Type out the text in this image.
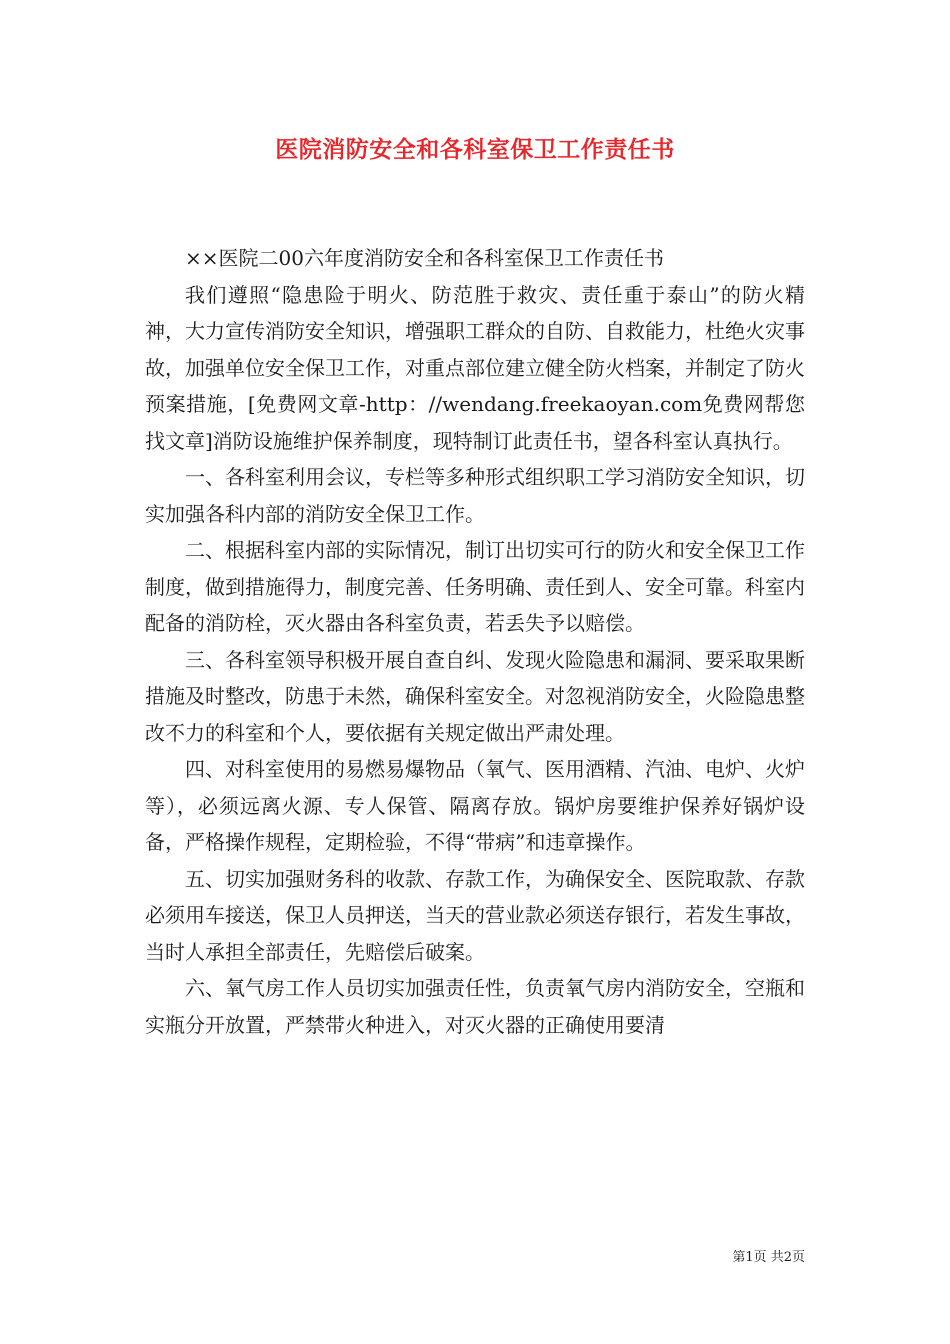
医院消防安全和各科室保卫工作责任书

××医院二00六年度消防安全和各科室保卫工作责任书

我们遵照“隐患险于明火、防范胜于救灾、责任重于泰山”的防火精神，大力宣传消防安全知识，增强职工群众的自防、自救能力，杜绝火灾事故，加强单位安全保卫工作，对重点部位建立健全防火档案，并制定了防火预案措施，[免费网文章-http：//wendang.freekaoyan.com免费网帮您找文章]消防设施维护保养制度，现特制订此责任书，望各科室认真执行。

一、各科室利用会议，专栏等多种形式组织职工学习消防安全知识，切实加强各科内部的消防安全保卫工作。

二、根据科室内部的实际情况，制订出切实可行的防火和安全保卫工作制度，做到措施得力，制度完善、任务明确、责任到人、安全可靠。科室内配备的消防栓，灭火器由各科室负责，若丢失予以赔偿。

三、各科室领导积极开展自查自纠、发现火险隐患和漏洞、要采取果断措施及时整改，防患于未然，确保科室安全。对忽视消防安全，火险隐患整改不力的科室和个人，要依据有关规定做出严肃处理。

四、对科室使用的易燃易爆物品（氧气、医用酒精、汽油、电炉、火炉等），必须远离火源、专人保管、隔离存放。锅炉房要维护保养好锅炉设备，严格操作规程，定期检验，不得“带病”和违章操作。

五、切实加强财务科的收款、存款工作，为确保安全、医院取款、存款必须用车接送，保卫人员押送，当天的营业款必须送存银行，若发生事故，当时人承担全部责任，先赔偿后破案。

六、氧气房工作人员切实加强责任性，负责氧气房内消防安全，空瓶和实瓶分开放置，严禁带火种进入，对灭火器的正确使用要清

第1页 共2页
